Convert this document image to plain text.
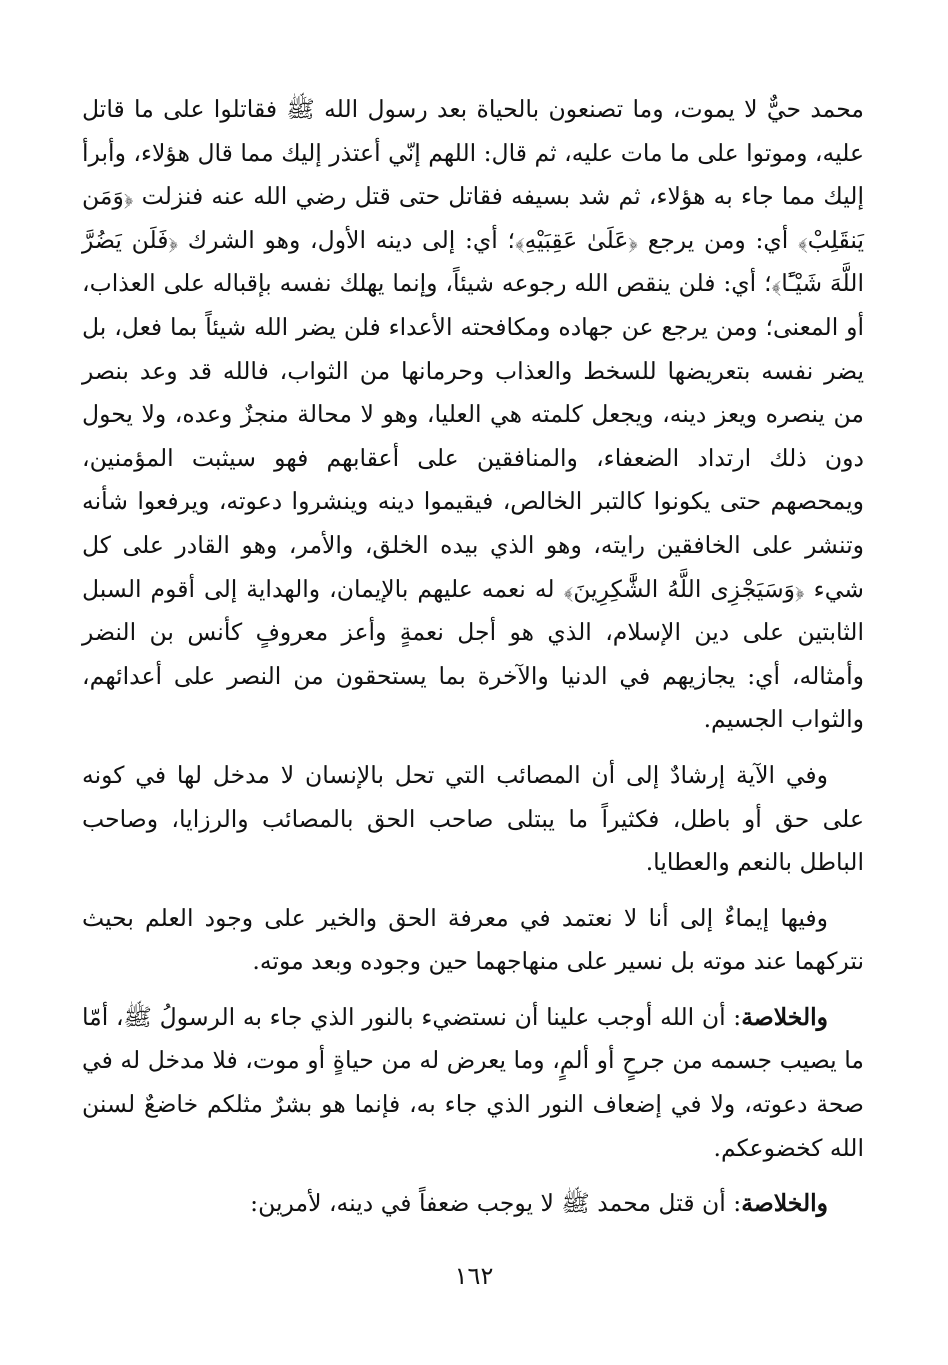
محمد حيٌّ لا يموت، وما تصنعون بالحياة بعد رسول الله ﷺ فقاتلوا على ما قاتل عليه، وموتوا على ما مات عليه، ثم قال: اللهم إنّي أعتذر إليك مما قال هؤلاء، وأبرأ إليك مما جاء به هؤلاء، ثم شد بسيفه فقاتل حتى قتل رضي الله عنه فنزلت ﴿وَمَن يَنقَلِبْ﴾ أي: ومن يرجع ﴿عَلَىٰ عَقِبَيْهِ﴾؛ أي: إلى دينه الأول، وهو الشرك ﴿فَلَن يَضُرَّ اللَّهَ شَيْـًٔا﴾؛ أي: فلن ينقص الله رجوعه شيئاً، وإنما يهلك نفسه بإقباله على العذاب، أو المعنى؛ ومن يرجع عن جهاده ومكافحته الأعداء فلن يضر الله شيئاً بما فعل، بل يضر نفسه بتعريضها للسخط والعذاب وحرمانها من الثواب، فالله قد وعد بنصر من ينصره ويعز دينه، ويجعل كلمته هي العليا، وهو لا محالة منجزٌ وعده، ولا يحول دون ذلك ارتداد الضعفاء، والمنافقين على أعقابهم فهو سيثبت المؤمنين، ويمحصهم حتى يكونوا كالتبر الخالص، فيقيموا دينه وينشروا دعوته، ويرفعوا شأنه وتنشر على الخافقين رايته، وهو الذي بيده الخلق، والأمر، وهو القادر على كل شيء ﴿وَسَيَجْزِى اللَّهُ الشَّٰكِرِينَ﴾ له نعمه عليهم بالإيمان، والهداية إلى أقوم السبل الثابتين على دين الإسلام، الذي هو أجل نعمةٍ وأعز معروفٍ كأنس بن النضر وأمثاله، أي: يجازيهم في الدنيا والآخرة بما يستحقون من النصر على أعدائهم، والثواب الجسيم.

وفي الآية إرشادٌ إلى أن المصائب التي تحل بالإنسان لا مدخل لها في كونه على حق أو باطل، فكثيراً ما يبتلى صاحب الحق بالمصائب والرزايا، وصاحب الباطل بالنعم والعطايا.

وفيها إيماءٌ إلى أنا لا نعتمد في معرفة الحق والخير على وجود العلم بحيث نتركهما عند موته بل نسير على منهاجهما حين وجوده وبعد موته.

والخلاصة: أن الله أوجب علينا أن نستضيء بالنور الذي جاء به الرسولُ ﷺ، أمّا ما يصيب جسمه من جرحٍ أو ألمٍ، وما يعرض له من حياةٍ أو موت، فلا مدخل له في صحة دعوته، ولا في إضعاف النور الذي جاء به، فإنما هو بشرٌ مثلكم خاضعٌ لسنن الله كخضوعكم.

والخلاصة: أن قتل محمد ﷺ لا يوجب ضعفاً في دينه، لأمرين:

١٦٢
